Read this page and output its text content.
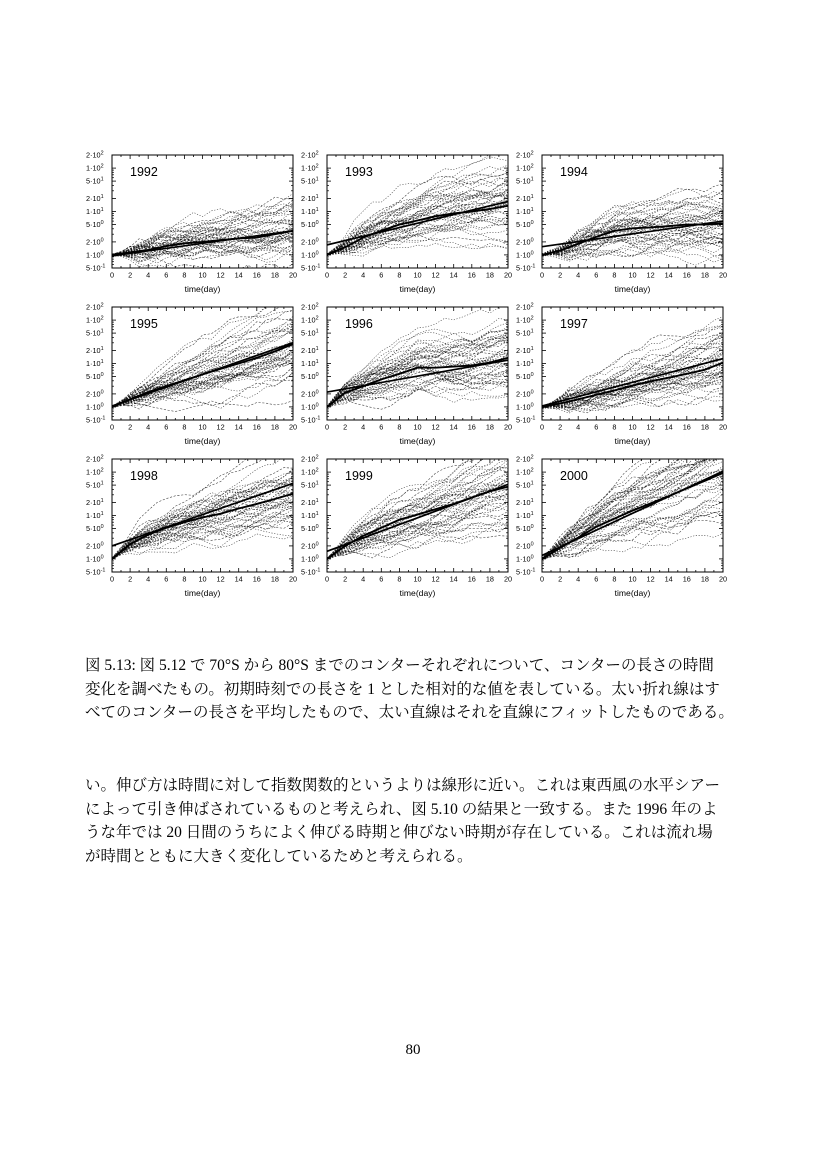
0 2 4 6 8 10 12 14 16 18 20
$2\cdot 10^2$
$1\cdot 10^2$
$5\cdot 10^1$
$2\cdot 10^1$
$1\cdot 10^1$
$5\cdot 10^0$
$2\cdot 10^0$
$1\cdot 10^0$
$5\cdot 10^{-1}$
1992
time(day)
0 2 4 6 8 10 12 14 16 18 20
$2\cdot 10^2$
$1\cdot 10^2$
$5\cdot 10^1$
$2\cdot 10^1$
$1\cdot 10^1$
$5\cdot 10^0$
$2\cdot 10^0$
$1\cdot 10^0$
$5\cdot 10^{-1}$
1993
time(day)
0 2 4 6 8 10 12 14 16 18 20
$2\cdot 10^2$
$1\cdot 10^2$
$5\cdot 10^1$
$2\cdot 10^1$
$1\cdot 10^1$
$5\cdot 10^0$
$2\cdot 10^0$
$1\cdot 10^0$
$5\cdot 10^{-1}$
1994
time(day)
0 2 4 6 8 10 12 14 16 18 20
$2\cdot 10^2$
$1\cdot 10^2$
$5\cdot 10^1$
$2\cdot 10^1$
$1\cdot 10^1$
$5\cdot 10^0$
$2\cdot 10^0$
$1\cdot 10^0$
$5\cdot 10^{-1}$
1995
time(day)
0 2 4 6 8 10 12 14 16 18 20
$2\cdot 10^2$
$1\cdot 10^2$
$5\cdot 10^1$
$2\cdot 10^1$
$1\cdot 10^1$
$5\cdot 10^0$
$2\cdot 10^0$
$1\cdot 10^0$
$5\cdot 10^{-1}$
1996
time(day)
0 2 4 6 8 10 12 14 16 18 20
$2\cdot 10^2$
$1\cdot 10^2$
$5\cdot 10^1$
$2\cdot 10^1$
$1\cdot 10^1$
$5\cdot 10^0$
$2\cdot 10^0$
$1\cdot 10^0$
$5\cdot 10^{-1}$
1997
time(day)
0 2 4 6 8 10 12 14 16 18 20
$2\cdot 10^2$
$1\cdot 10^2$
$5\cdot 10^1$
$2\cdot 10^1$
$1\cdot 10^1$
$5\cdot 10^0$
$2\cdot 10^0$
$1\cdot 10^0$
$5\cdot 10^{-1}$
1998
time(day)
0 2 4 6 8 10 12 14 16 18 20
$2\cdot 10^2$
$1\cdot 10^2$
$5\cdot 10^1$
$2\cdot 10^1$
$1\cdot 10^1$
$5\cdot 10^0$
$2\cdot 10^0$
$1\cdot 10^0$
$5\cdot 10^{-1}$
1999
time(day)
0 2 4 6 8 10 12 14 16 18 20
$2\cdot 10^2$
$1\cdot 10^2$
$5\cdot 10^1$
$2\cdot 10^1$
$1\cdot 10^1$
$5\cdot 10^0$
$2\cdot 10^0$
$1\cdot 10^0$
$5\cdot 10^{-1}$
2000
time(day)
図 5.13: 図 5.12 で 70°S から 80°S までのコンターそれぞれについて、コンターの長さの時間
変化を調べたもの。初期時刻での長さを 1 とした相対的な値を表している。太い折れ線はす
べてのコンターの長さを平均したもので、太い直線はそれを直線にフィットしたものである。
い。伸び方は時間に対して指数関数的というよりは線形に近い。これは東西風の水平シアー
によって引き伸ばされているものと考えられ、図 5.10 の結果と一致する。また 1996 年のよ
うな年では 20 日間のうちによく伸びる時期と伸びない時期が存在している。これは流れ場
が時間とともに大きく変化しているためと考えられる。
80
